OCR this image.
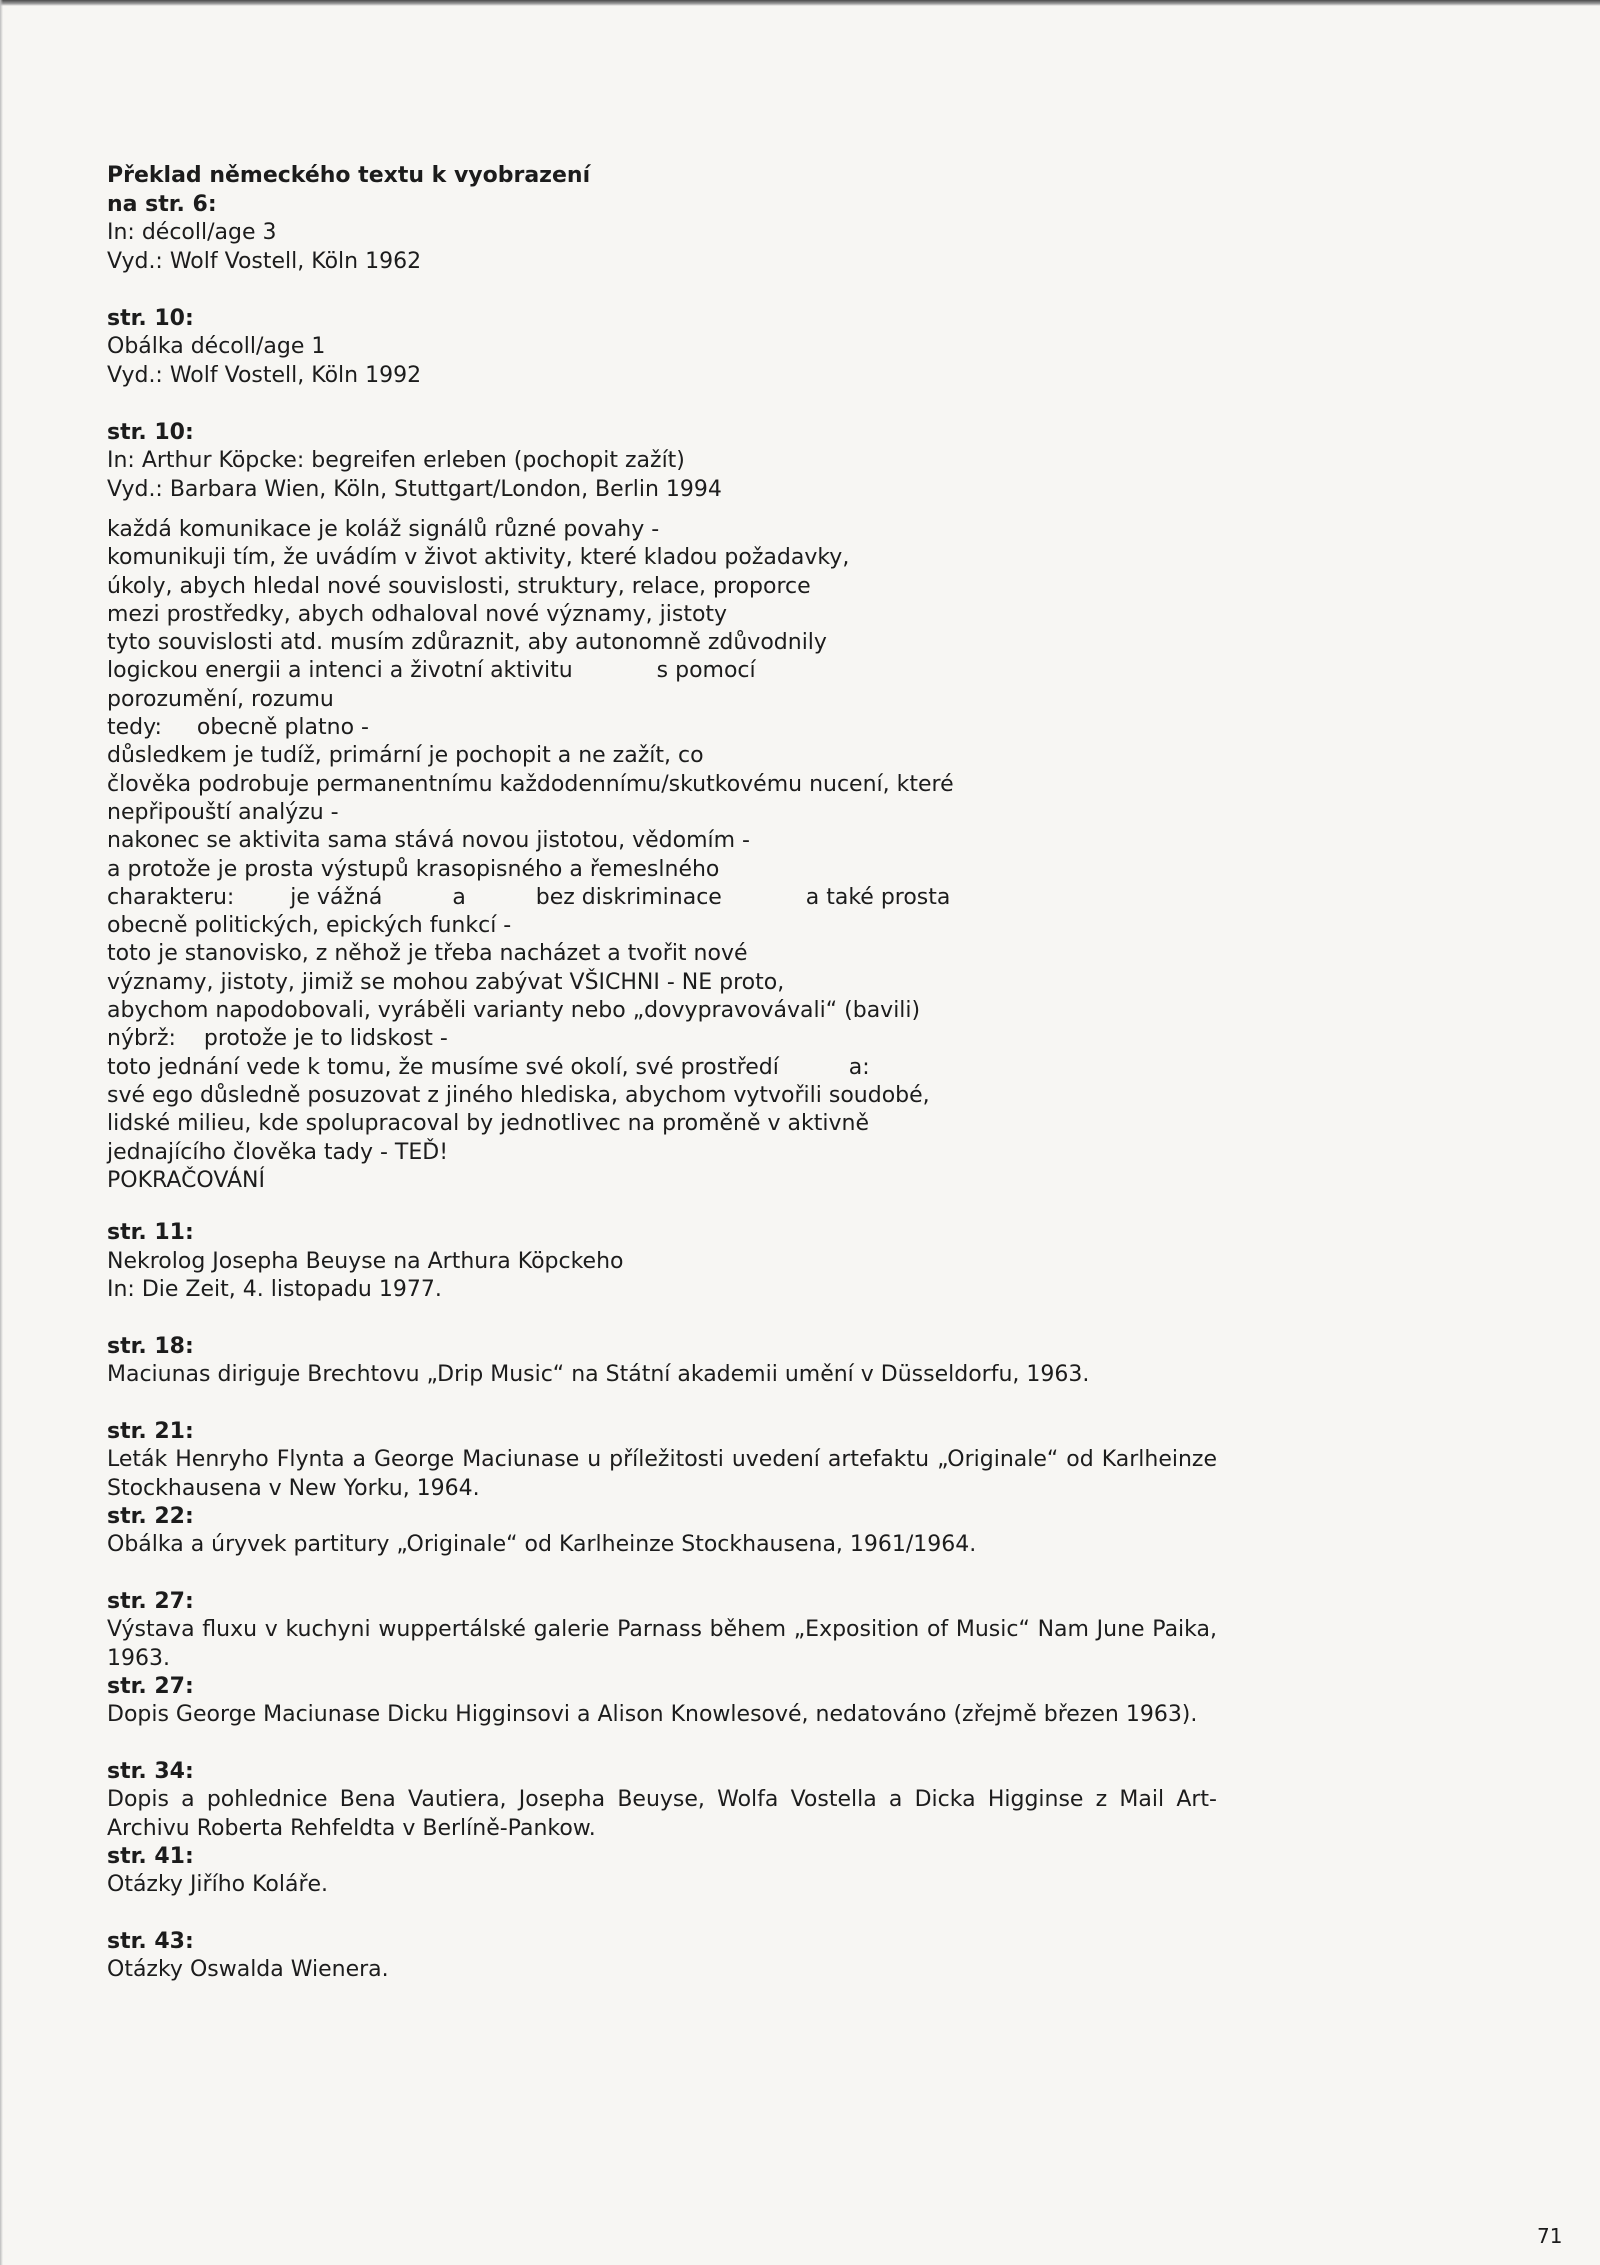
Překlad německého textu k vyobrazení
na str. 6:
In: décoll/age 3
Vyd.: Wolf Vostell, Köln 1962
str. 10:
Obálka décoll/age 1
Vyd.: Wolf Vostell, Köln 1992
str. 10:
In: Arthur Köpcke: begreifen erleben (pochopit zažít)
Vyd.: Barbara Wien, Köln, Stuttgart/London, Berlin 1994
každá komunikace je koláž signálů různé povahy -
komunikuji tím, že uvádím v život aktivity, které kladou požadavky,
úkoly, abych hledal nové souvislosti, struktury, relace, proporce
mezi prostředky, abych odhaloval nové významy, jistoty
tyto souvislosti atd. musím zdůraznit, aby autonomně zdůvodnily
logickou energii a intenci a životní aktivitu            s pomocí
porozumění, rozumu
tedy:     obecně platno -
důsledkem je tudíž, primární je pochopit a ne zažít, co
člověka podrobuje permanentnímu každodennímu/skutkovému nucení, které
nepřipouští analýzu -
nakonec se aktivita sama stává novou jistotou, vědomím -
a protože je prosta výstupů krasopisného a řemeslného
charakteru:        je vážná          a          bez diskriminace            a také prosta
obecně politických, epických funkcí -
toto je stanovisko, z něhož je třeba nacházet a tvořit nové
významy, jistoty, jimiž se mohou zabývat VŠICHNI - NE proto,
abychom napodobovali, vyráběli varianty nebo „dovypravovávali“ (bavili)
nýbrž:    protože je to lidskost -
toto jednání vede k tomu, že musíme své okolí, své prostředí          a:
své ego důsledně posuzovat z jiného hlediska, abychom vytvořili soudobé,
lidské milieu, kde spolupracoval by jednotlivec na proměně v aktivně
jednajícího člověka tady - TEĎ!
POKRAČOVÁNÍ
str. 11:
Nekrolog Josepha Beuyse na Arthura Köpckeho
In: Die Zeit, 4. listopadu 1977.
str. 18:
Maciunas diriguje Brechtovu „Drip Music“ na Státní akademii umění v Düsseldorfu, 1963.
str. 21:
Leták Henryho Flynta a George Maciunase u příležitosti uvedení artefaktu „Originale“ od Karlheinze Stockhausena v New Yorku, 1964.
str. 22:
Obálka a úryvek partitury „Originale“ od Karlheinze Stockhausena, 1961/1964.
str. 27:
Výstava fluxu v kuchyni wuppertálské galerie Parnass během „Exposition of Music“ Nam June Paika, 1963.
str. 27:
Dopis George Maciunase Dicku Higginsovi a Alison Knowlesové, nedatováno (zřejmě březen 1963).
str. 34:
Dopis a pohlednice Bena Vautiera, Josepha Beuyse, Wolfa Vostella a Dicka Higginse z Mail Art-Archivu Roberta Rehfeldta v Berlíně-Pankow.
str. 41:
Otázky Jiřího Kolářе.
str. 43:
Otázky Oswalda Wienera.
71
